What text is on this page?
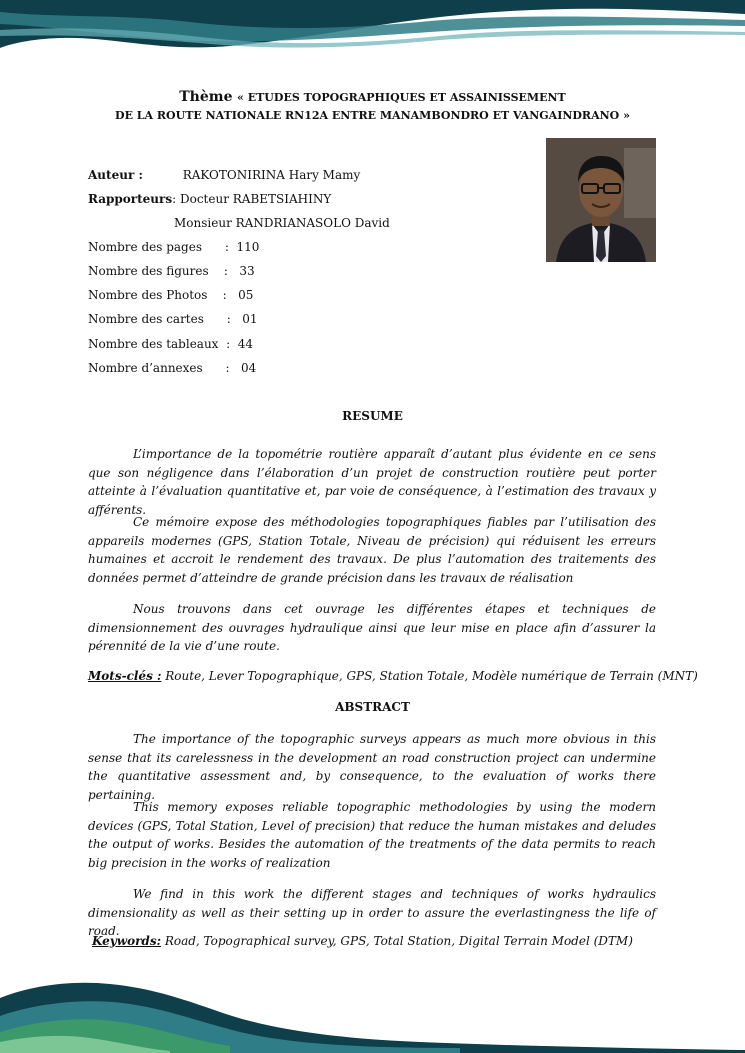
Thème « ETUDES TOPOGRAPHIQUES ET ASSAINISSEMENT
DE LA ROUTE NATIONALE RN12A ENTRE MANAMBONDRO ET VANGAINDRANO »
Auteur :	RAKOTONIRINA Hary Mamy
Rapporteurs: Docteur RABETSIAHINY
Monsieur RANDRIANASOLO David
Nombre des pages      :  110
Nombre des figures    :   33
Nombre des Photos    :   05
Nombre des cartes      :   01
Nombre des tableaux  :  44
Nombre d’annexes      :   04
RESUME

L’importance de la topométrie routière apparaît d’autant plus évidente en ce sens que son négligence dans l’élaboration d’un projet de construction routière peut porter atteinte à l’évaluation quantitative et, par voie de conséquence, à l’estimation des travaux y afférents.

Ce mémoire expose des méthodologies topographiques fiables par l’utilisation des appareils modernes (GPS, Station Totale, Niveau de précision) qui réduisent les erreurs humaines et accroit le rendement des travaux. De plus l’automation des traitements des données permet d’atteindre de grande précision dans les travaux de réalisation

Nous trouvons dans cet ouvrage les différentes étapes et techniques de dimensionnement des ouvrages hydraulique ainsi que leur mise en place afin d’assurer la pérennité de la vie d’une route.

Mots-clés : Route, Lever Topographique, GPS, Station Totale, Modèle numérique de Terrain (MNT)
ABSTRACT

The importance of the topographic surveys appears as much more obvious in this sense that its carelessness in the development an road construction project can undermine the quantitative assessment and, by consequence, to the evaluation of works there pertaining.

This memory exposes reliable topographic methodologies by using the modern devices (GPS, Total Station, Level of precision) that reduce the human mistakes and deludes the output of works. Besides the automation of the treatments of the data permits to reach big precision in the works of realization

We find in this work the different stages and techniques of works hydraulics dimensionality as well as their setting up in order to assure the everlastingness the life of road.

Keywords: Road, Topographical survey, GPS, Total Station, Digital Terrain Model (DTM)
